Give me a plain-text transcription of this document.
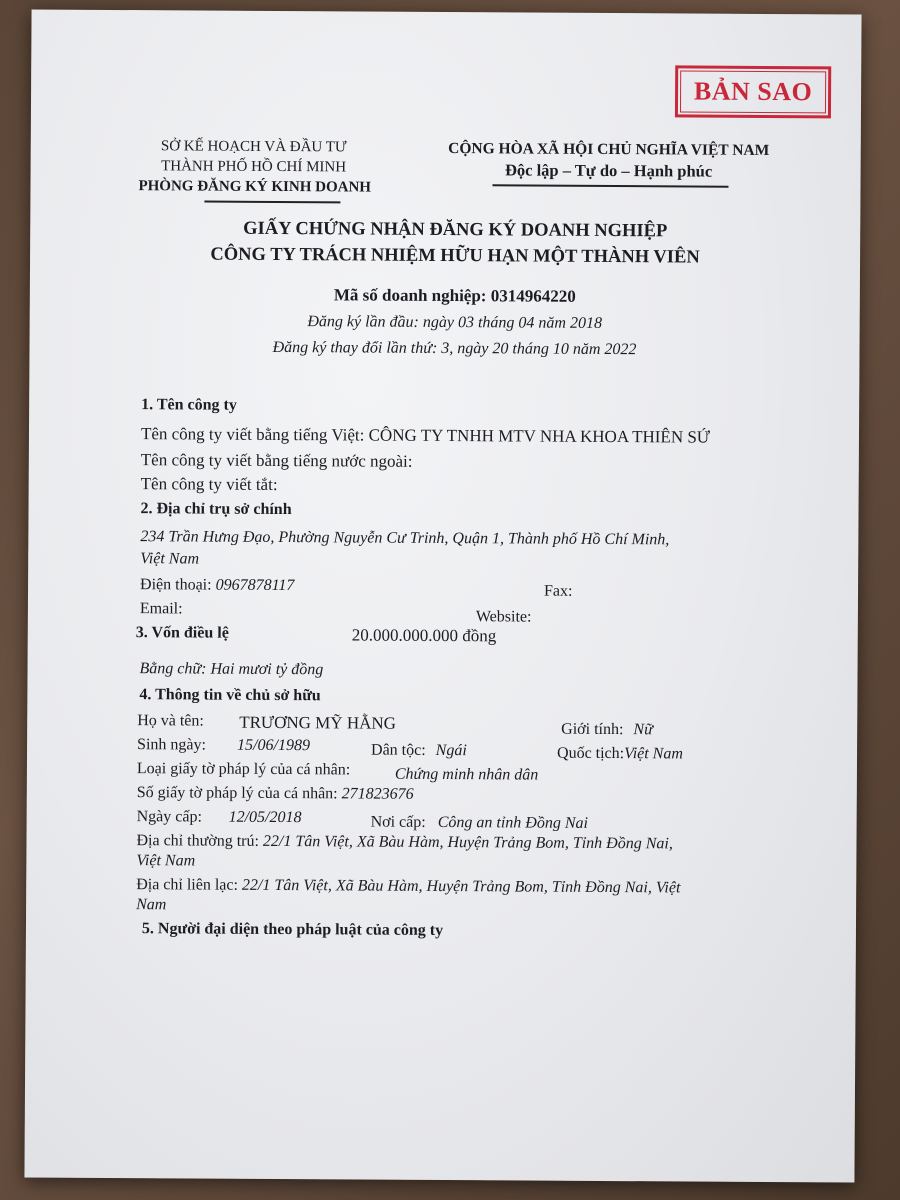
BẢN SAO
SỞ KẾ HOẠCH VÀ ĐẦU TƯ
THÀNH PHỐ HỒ CHÍ MINH
PHÒNG ĐĂNG KÝ KINH DOANH
CỘNG HÒA XÃ HỘI CHỦ NGHĨA VIỆT NAM
Độc lập – Tự do – Hạnh phúc
GIẤY CHỨNG NHẬN ĐĂNG KÝ DOANH NGHIỆP
CÔNG TY TRÁCH NHIỆM HỮU HẠN MỘT THÀNH VIÊN
Mã số doanh nghiệp: 0314964220
Đăng ký lần đầu: ngày 03 tháng 04 năm 2018
Đăng ký thay đổi lần thứ: 3, ngày 20 tháng 10 năm 2022
1. Tên công ty
Tên công ty viết bằng tiếng Việt: CÔNG TY TNHH MTV NHA KHOA THIÊN SỨ
Tên công ty viết bằng tiếng nước ngoài:
Tên công ty viết tắt:
2. Địa chỉ trụ sở chính
234 Trần Hưng Đạo, Phường Nguyễn Cư Trinh, Quận 1, Thành phố Hồ Chí Minh,
Việt Nam
Điện thoại: 0967878117	Fax:
Email:	Website:
3. Vốn điều lệ	20.000.000.000 đồng
Bằng chữ: Hai mươi tỷ đồng
4. Thông tin về chủ sở hữu
Họ và tên: TRƯƠNG MỸ HẰNG	Giới tính: Nữ
Sinh ngày: 15/06/1989	Dân tộc: Ngái	Quốc tịch:Việt Nam
Loại giấy tờ pháp lý của cá nhân:	Chứng minh nhân dân
Số giấy tờ pháp lý của cá nhân: 271823676
Ngày cấp: 12/05/2018	Nơi cấp: Công an tỉnh Đồng Nai
Địa chỉ thường trú: 22/1 Tân Việt, Xã Bàu Hàm, Huyện Trảng Bom, Tỉnh Đồng Nai,
Việt Nam
Địa chỉ liên lạc: 22/1 Tân Việt, Xã Bàu Hàm, Huyện Trảng Bom, Tỉnh Đồng Nai, Việt
Nam
5. Người đại diện theo pháp luật của công ty
